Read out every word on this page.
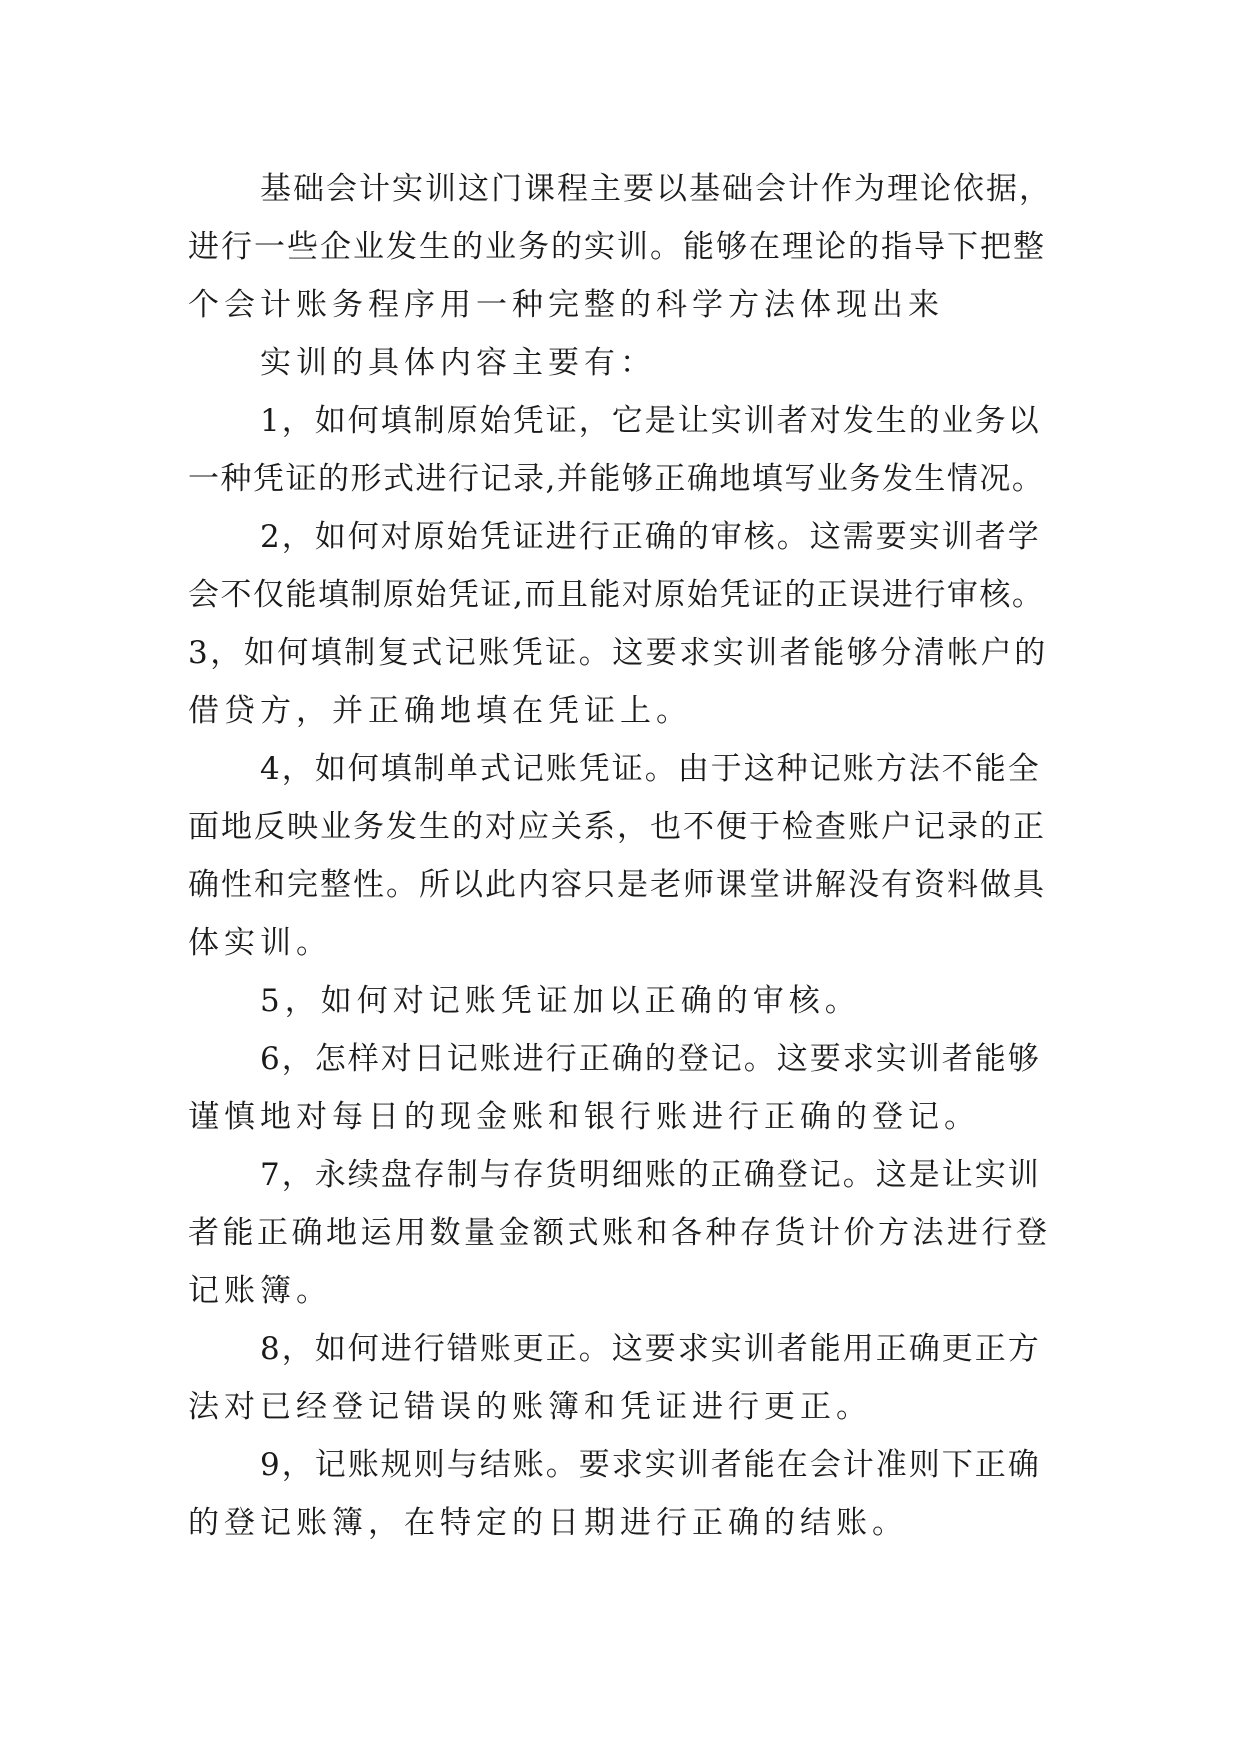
基础会计实训这门课程主要以基础会计作为理论依据，
进行一些企业发生的业务的实训。能够在理论的指导下把整
个会计账务程序用一种完整的科学方法体现出来
实训的具体内容主要有：
1，如何填制原始凭证，它是让实训者对发生的业务以
一种凭证的形式进行记录,并能够正确地填写业务发生情况。
2，如何对原始凭证进行正确的审核。这需要实训者学
会不仅能填制原始凭证,而且能对原始凭证的正误进行审核。
3，如何填制复式记账凭证。这要求实训者能够分清帐户的
借贷方，并正确地填在凭证上。
4，如何填制单式记账凭证。由于这种记账方法不能全
面地反映业务发生的对应关系，也不便于检查账户记录的正
确性和完整性。所以此内容只是老师课堂讲解没有资料做具
体实训。
5，如何对记账凭证加以正确的审核。
6，怎样对日记账进行正确的登记。这要求实训者能够
谨慎地对每日的现金账和银行账进行正确的登记。
7，永续盘存制与存货明细账的正确登记。这是让实训
者能正确地运用数量金额式账和各种存货计价方法进行登
记账簿。
8，如何进行错账更正。这要求实训者能用正确更正方
法对已经登记错误的账簿和凭证进行更正。
9，记账规则与结账。要求实训者能在会计准则下正确
的登记账簿，在特定的日期进行正确的结账。
